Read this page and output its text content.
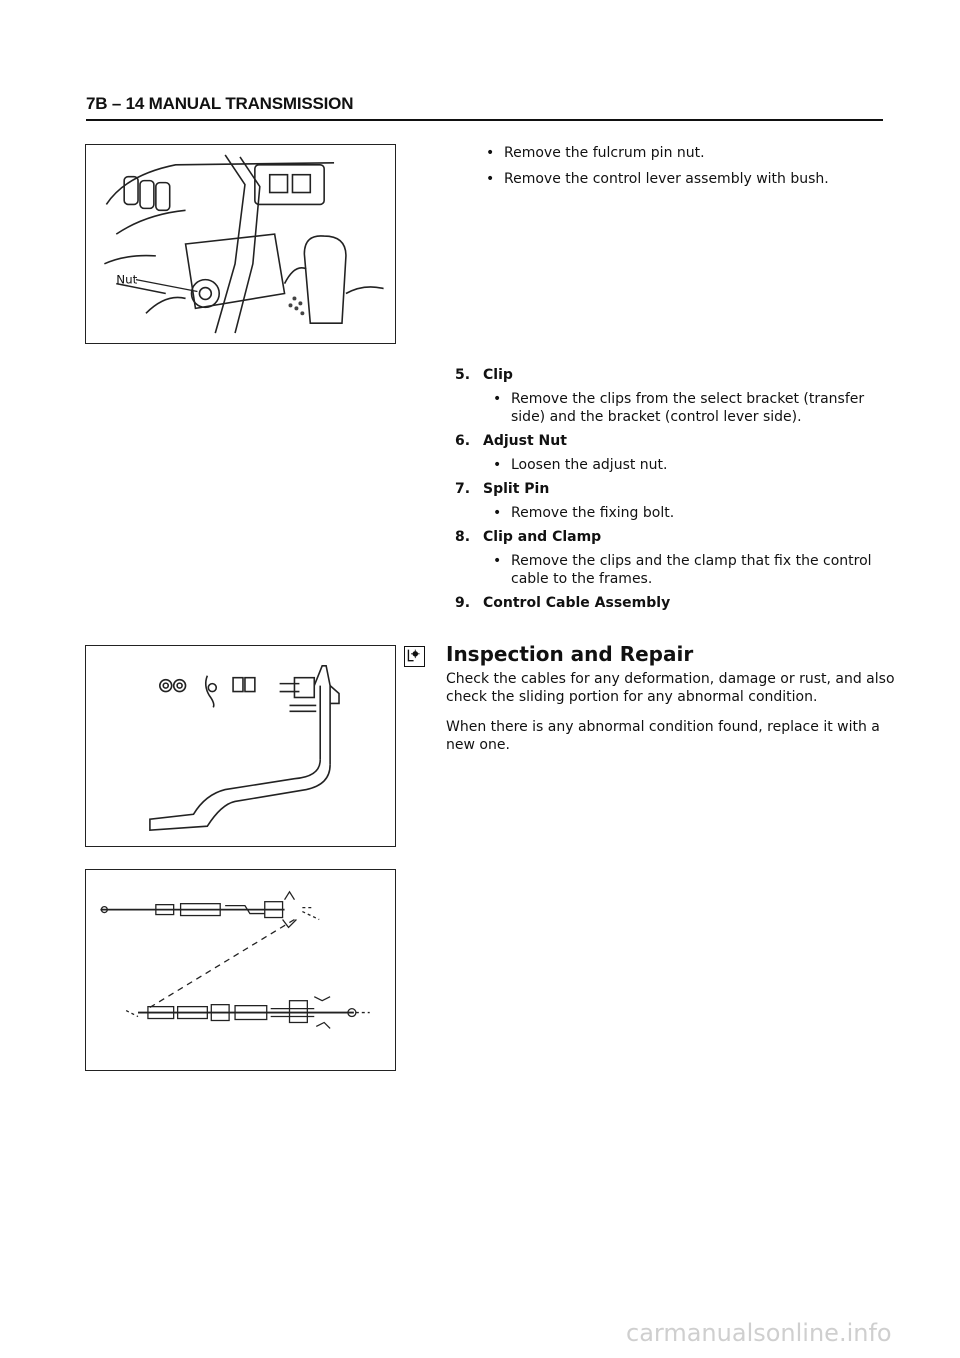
7B – 14 MANUAL TRANSMISSION
Nut

• Remove the fulcrum pin nut.

• Remove the control lever assembly with bush.

5. Clip

• Remove the clips from the select bracket (transfer side) and the bracket (control lever side).

6. Adjust Nut

• Loosen the adjust nut.

7. Split Pin

• Remove the fixing bolt.

8. Clip and Clamp

• Remove the clips and the clamp that fix the control cable to the frames.

9. Control Cable Assembly

Inspection and Repair

Check the cables for any deformation, damage or rust, and also check the sliding portion for any abnormal condition.

When there is any abnormal condition found, replace it with a new one.

carmanualsonline.info
